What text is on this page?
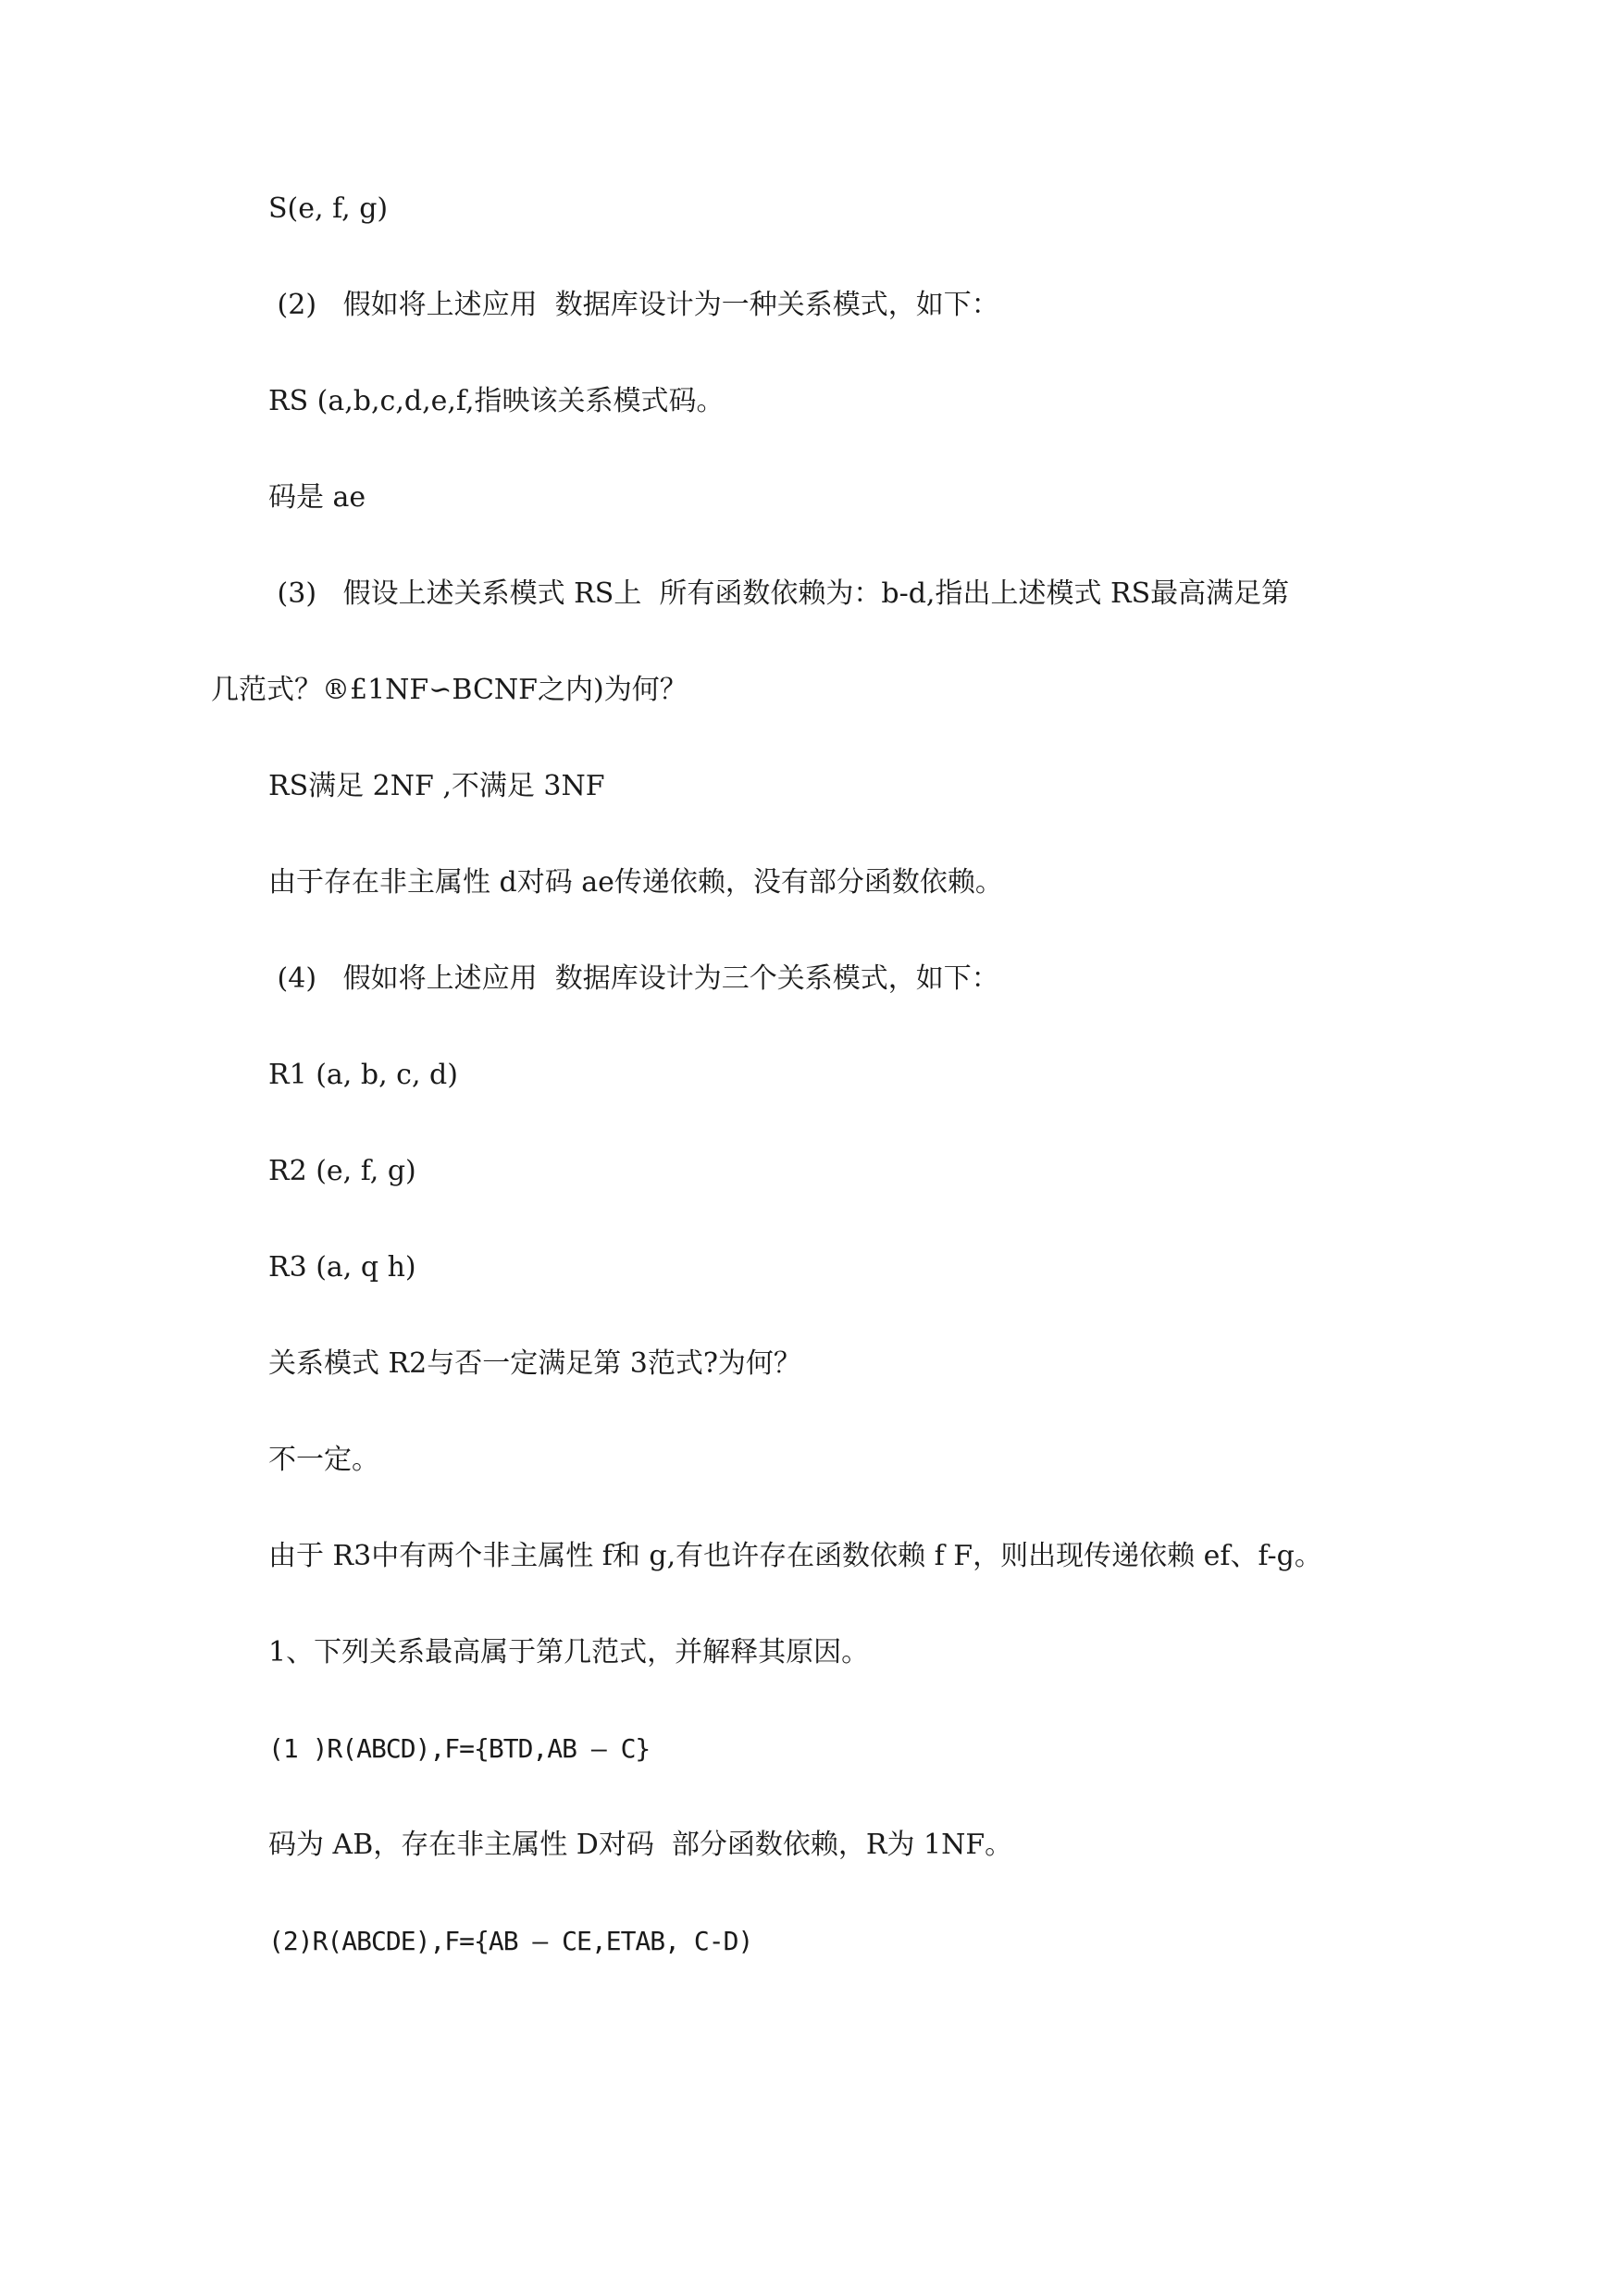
S(e, f, g)
(2)   假如将上述应用  数据库设计为一种关系模式，如下：
RS (a,b,c,d,e,f,指映该关系模式码。
码是 ae
(3)   假设上述关系模式 RS上  所有函数依赖为：b-d,指出上述模式 RS最高满足第
几范式？®£1NF∽BCNF之内)为何？
RS满足 2NF ,不满足 3NF
由于存在非主属性 d对码 ae传递依赖，没有部分函数依赖。
(4)   假如将上述应用  数据库设计为三个关系模式，如下：
R1 (a, b, c, d)
R2 (e, f, g)
R3 (a, q h)
关系模式 R2与否一定满足第 3范式?为何？
不一定。
由于 R3中有两个非主属性 f和 g,有也许存在函数依赖 f F，则出现传递依赖 ef、f-g。
1、下列关系最高属于第几范式，并解释其原因。
(1 )R(ABCD),F={BTD,AB — C}
码为 AB，存在非主属性 D对码  部分函数依赖，R为 1NF。
(2)R(ABCDE),F={AB — CE,ETAB, C-D)
